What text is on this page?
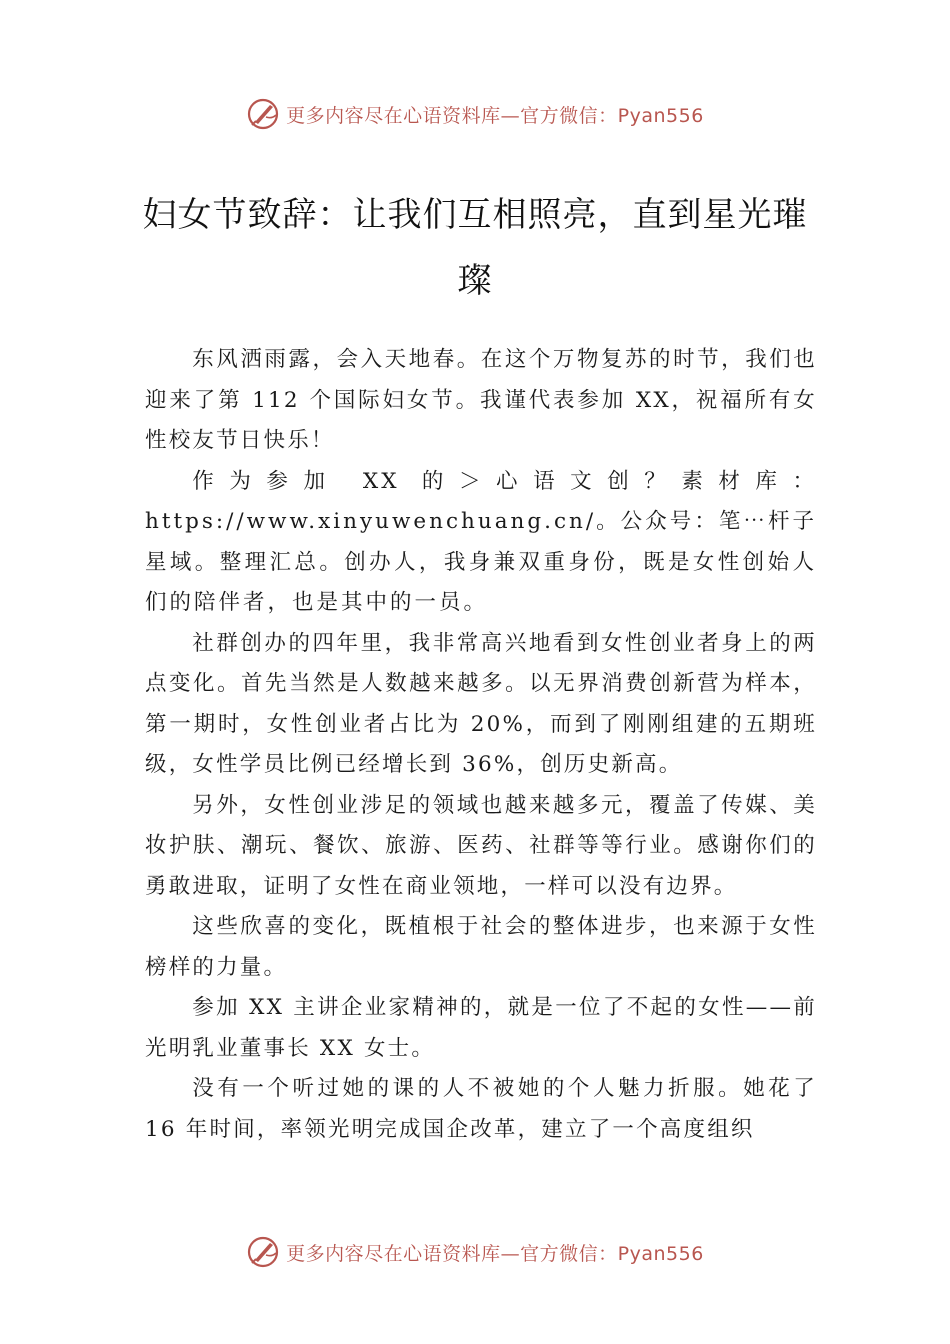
更多内容尽在心语资料库—官方微信：Pyan556
妇女节致辞：让我们互相照亮，直到星光璀璨

东风洒雨露，会入天地春。在这个万物复苏的时节，我们也迎来了第 112 个国际妇女节。我谨代表参加 XX，祝福所有女性校友节日快乐！

作为参加 XX 的＞心语文创？素材库：https://www.xinyuwenchuang.cn/。公众号：笔⋯杆子星域。整理汇总。创办人，我身兼双重身份，既是女性创始人们的陪伴者，也是其中的一员。

社群创办的四年里，我非常高兴地看到女性创业者身上的两点变化。首先当然是人数越来越多。以无界消费创新营为样本，第一期时，女性创业者占比为 20%，而到了刚刚组建的五期班级，女性学员比例已经增长到 36%，创历史新高。

另外，女性创业涉足的领域也越来越多元，覆盖了传媒、美妆护肤、潮玩、餐饮、旅游、医药、社群等等行业。感谢你们的勇敢进取，证明了女性在商业领地，一样可以没有边界。

这些欣喜的变化，既植根于社会的整体进步，也来源于女性榜样的力量。

参加 XX 主讲企业家精神的，就是一位了不起的女性——前光明乳业董事长 XX 女士。

没有一个听过她的课的人不被她的个人魅力折服。她花了 16 年时间，率领光明完成国企改革，建立了一个高度组织

更多内容尽在心语资料库—官方微信：Pyan556
